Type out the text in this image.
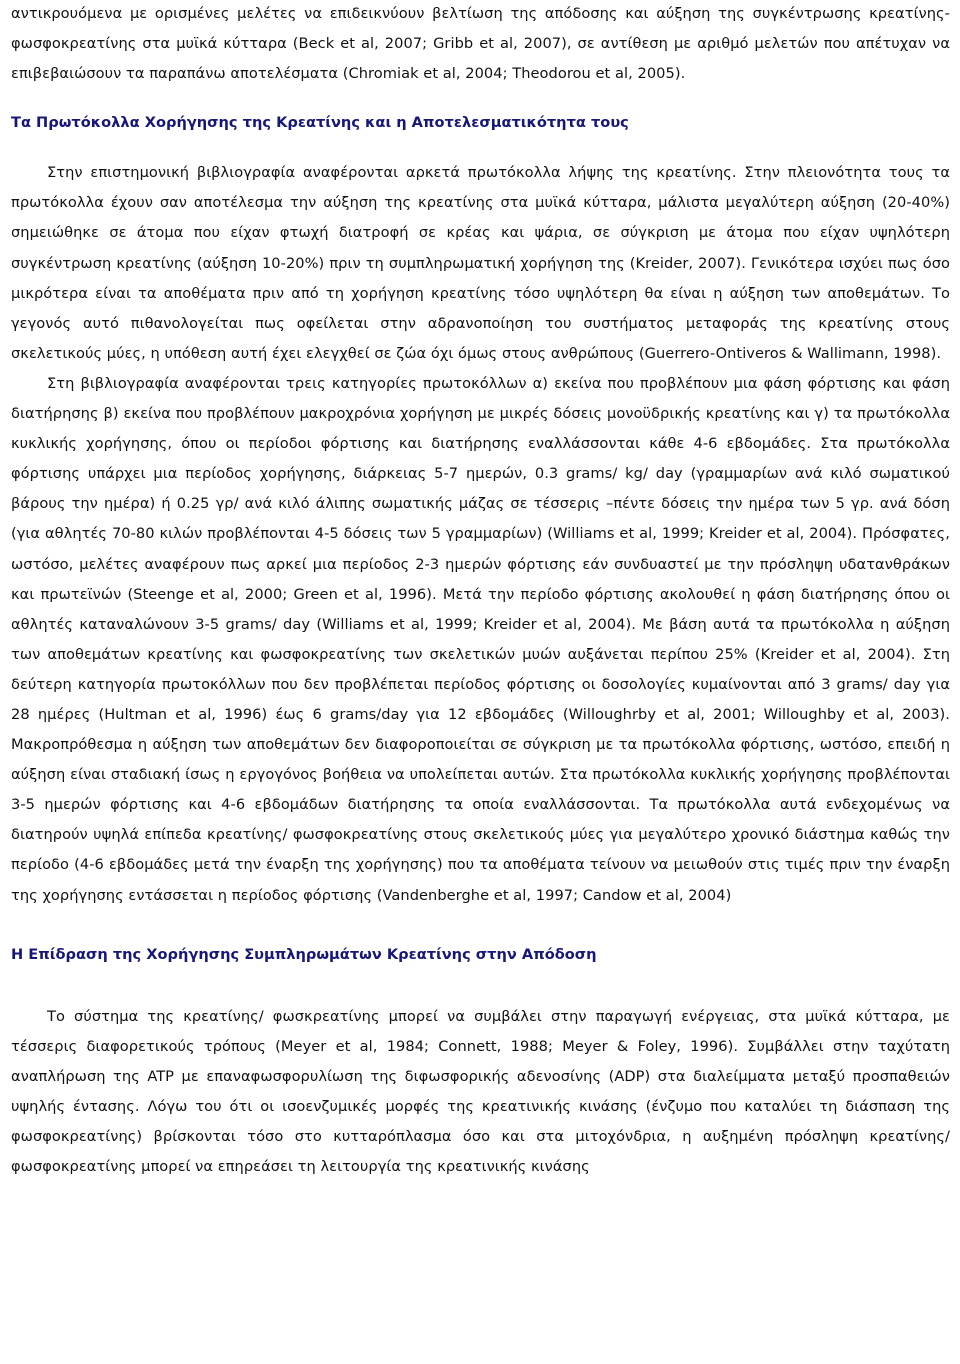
αντικρουόμενα με ορισμένες μελέτες να επιδεικνύουν βελτίωση της απόδοσης και αύξηση της συγκέντρωσης κρεατίνης- φωσφοκρεατίνης στα μυϊκά κύτταρα (Beck et al, 2007; Gribb et al, 2007), σε αντίθεση με αριθμό μελετών που απέτυχαν να επιβεβαιώσουν τα παραπάνω αποτελέσματα (Chromiak et al, 2004; Theodorou et al, 2005).

Τα Πρωτόκολλα Χορήγησης της Κρεατίνης και η Αποτελεσματικότητα τους

Στην επιστημονική βιβλιογραφία αναφέρονται αρκετά πρωτόκολλα λήψης της κρεατίνης. Στην πλειονότητα τους τα πρωτόκολλα έχουν σαν αποτέλεσμα την αύξηση της κρεατίνης στα μυϊκά κύτταρα, μάλιστα μεγαλύτερη αύξηση (20-40%) σημειώθηκε σε άτομα που είχαν φτωχή διατροφή σε κρέας και ψάρια, σε σύγκριση με άτομα που είχαν υψηλότερη συγκέντρωση κρεατίνης (αύξηση 10-20%) πριν τη συμπληρωματική χορήγηση της (Kreider, 2007). Γενικότερα ισχύει πως όσο μικρότερα είναι τα αποθέματα πριν από τη χορήγηση κρεατίνης τόσο υψηλότερη θα είναι η αύξηση των αποθεμάτων. Το γεγονός αυτό πιθανολογείται πως οφείλεται στην αδρανοποίηση του συστήματος μεταφοράς της κρεατίνης στους σκελετικούς μύες, η υπόθεση αυτή έχει ελεγχθεί σε ζώα όχι όμως στους ανθρώπους (Guerrero-Ontiveros & Wallimann, 1998).

Στη βιβλιογραφία αναφέρονται τρεις κατηγορίες πρωτοκόλλων α) εκείνα που προβλέπουν μια φάση φόρτισης και φάση διατήρησης β) εκείνα που προβλέπουν μακροχρόνια χορήγηση με μικρές δόσεις μονοϋδρικής κρεατίνης και γ) τα πρωτόκολλα κυκλικής χορήγησης, όπου οι περίοδοι φόρτισης και διατήρησης εναλλάσσονται κάθε 4-6 εβδομάδες. Στα πρωτόκολλα φόρτισης υπάρχει μια περίοδος χορήγησης, διάρκειας 5-7 ημερών, 0.3 grams/ kg/ day (γραμμαρίων ανά κιλό σωματικού βάρους την ημέρα) ή 0.25 γρ/ ανά κιλό άλιπης σωματικής μάζας σε τέσσερις –πέντε δόσεις την ημέρα των 5 γρ. ανά δόση (για αθλητές 70-80 κιλών προβλέπονται 4-5 δόσεις των 5 γραμμαρίων) (Williams et al, 1999; Kreider et al, 2004). Πρόσφατες, ωστόσο, μελέτες αναφέρουν πως αρκεί μια περίοδος 2-3 ημερών φόρτισης εάν συνδυαστεί με την πρόσληψη υδατανθράκων και πρωτεϊνών (Steenge et al, 2000; Green et al, 1996). Μετά την περίοδο φόρτισης ακολουθεί η φάση διατήρησης όπου οι αθλητές καταναλώνουν 3-5 grams/ day (Williams et al, 1999; Kreider et al, 2004). Με βάση αυτά τα πρωτόκολλα η αύξηση των αποθεμάτων κρεατίνης και φωσφοκρεατίνης των σκελετικών μυών αυξάνεται περίπου 25% (Kreider et al, 2004). Στη δεύτερη κατηγορία πρωτοκόλλων που δεν προβλέπεται περίοδος φόρτισης οι δοσολογίες κυμαίνονται από 3 grams/ day για 28 ημέρες (Hultman et al, 1996) έως 6 grams/day για 12 εβδομάδες (Willoughrby et al, 2001; Willoughby et al, 2003). Μακροπρόθεσμα η αύξηση των αποθεμάτων δεν διαφοροποιείται σε σύγκριση με τα πρωτόκολλα φόρτισης, ωστόσο, επειδή η αύξηση είναι σταδιακή ίσως η εργογόνος βοήθεια να υπολείπεται αυτών. Στα πρωτόκολλα κυκλικής χορήγησης προβλέπονται 3-5 ημερών φόρτισης και 4-6 εβδομάδων διατήρησης τα οποία εναλλάσσονται. Τα πρωτόκολλα αυτά ενδεχομένως να διατηρούν υψηλά επίπεδα κρεατίνης/ φωσφοκρεατίνης στους σκελετικούς μύες για μεγαλύτερο χρονικό διάστημα καθώς την περίοδο (4-6 εβδομάδες μετά την έναρξη της χορήγησης) που τα αποθέματα τείνουν να μειωθούν στις τιμές πριν την έναρξη της χορήγησης εντάσσεται η περίοδος φόρτισης (Vandenberghe et al, 1997; Candow et al, 2004)

Η Επίδραση της Χορήγησης Συμπληρωμάτων Κρεατίνης στην Απόδοση

Το σύστημα της κρεατίνης/ φωσκρεατίνης μπορεί να συμβάλει στην παραγωγή ενέργειας, στα μυϊκά κύτταρα, με τέσσερις διαφορετικούς τρόπους (Meyer et al, 1984; Connett, 1988; Meyer & Foley, 1996). Συμβάλλει στην ταχύτατη αναπλήρωση της ATP με επαναφωσφορυλίωση της διφωσφορικής αδενοσίνης (ADP) στα διαλείμματα μεταξύ προσπαθειών υψηλής έντασης. Λόγω του ότι οι ισοενζυμικές μορφές της κρεατινικής κινάσης (ένζυμο που καταλύει τη διάσπαση της φωσφοκρεατίνης) βρίσκονται τόσο στο κυτταρόπλασμα όσο και στα μιτοχόνδρια, η αυξημένη πρόσληψη κρεατίνης/ φωσφοκρεατίνης μπορεί να επηρεάσει τη λειτουργία της κρεατινικής κινάσης
